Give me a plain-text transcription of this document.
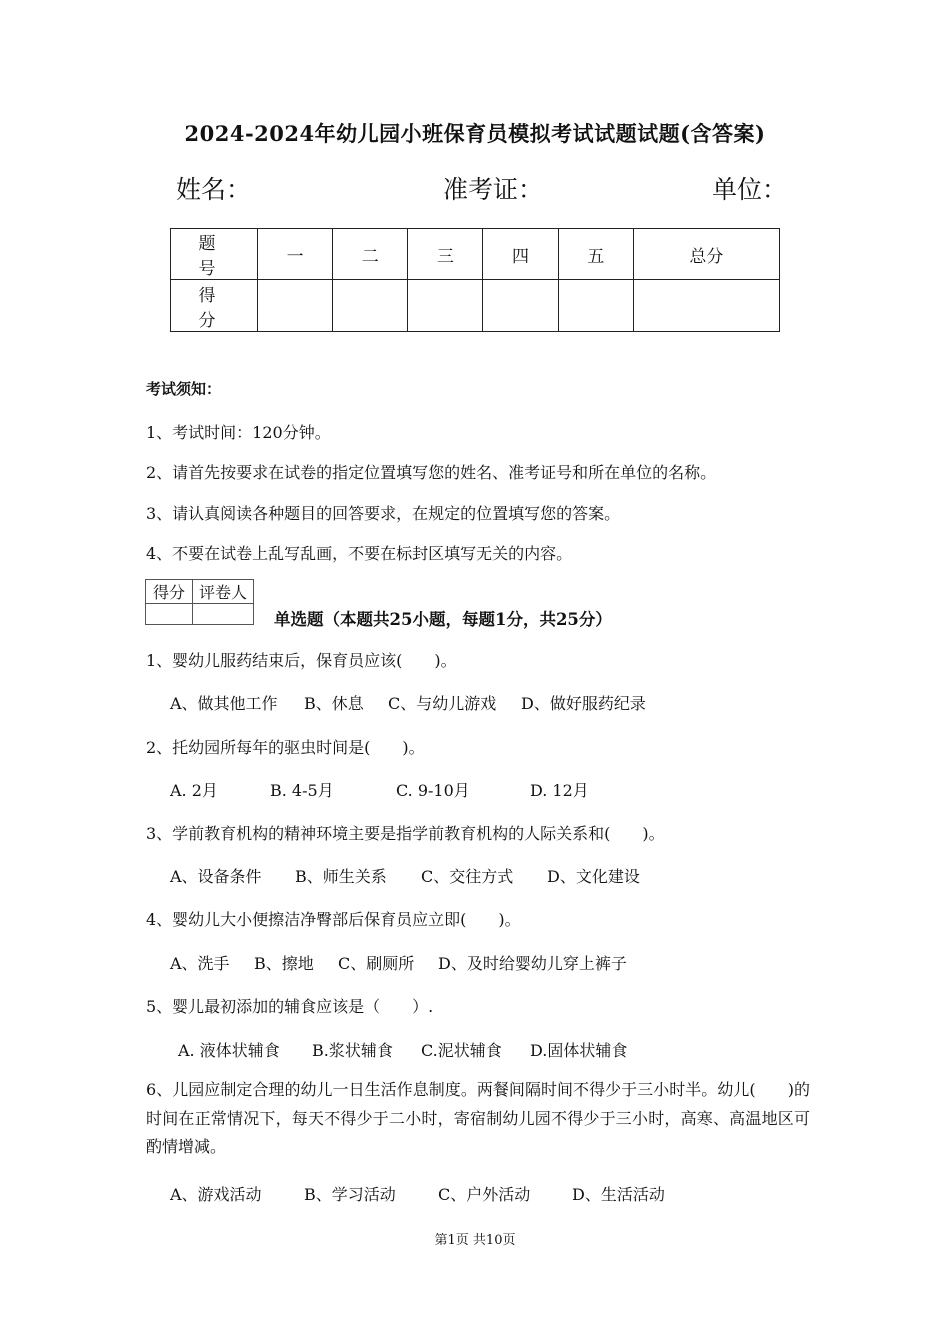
2024-2024年幼儿园小班保育员模拟考试试题试题(含答案)
姓名：	准考证：	单位：
题　号	一	二	三	四	五	总分
得　分						
考试须知：
1、考试时间：120分钟。
2、请首先按要求在试卷的指定位置填写您的姓名、准考证号和所在单位的名称。
3、请认真阅读各种题目的回答要求，在规定的位置填写您的答案。
4、不要在试卷上乱写乱画，不要在标封区填写无关的内容。
得分	评卷人

单选题（本题共25小题，每题1分，共25分）
1、婴幼儿服药结束后，保育员应该(　　)。
A、做其他工作 B、休息 C、与幼儿游戏 D、做好服药纪录
2、托幼园所每年的驱虫时间是(　　)。
A. 2月	B. 4-5月	C. 9-10月	D. 12月
3、学前教育机构的精神环境主要是指学前教育机构的人际关系和(　　)。
A、设备条件 B、师生关系 C、交往方式 D、文化建设
4、婴幼儿大小便擦洁净臀部后保育员应立即(　　)。
A、洗手 B、擦地 C、刷厕所 D、及时给婴幼儿穿上裤子
5、婴儿最初添加的辅食应该是（　　）.
A. 液体状辅食 B.浆状辅食 C.泥状辅食 D.固体状辅食
6、儿园应制定合理的幼儿一日生活作息制度。两餐间隔时间不得少于三小时半。幼儿(　　)的时间在正常情况下，每天不得少于二小时，寄宿制幼儿园不得少于三小时，高寒、高温地区可酌情增减。
A、游戏活动	B、学习活动	C、户外活动	D、生活活动
第1页 共10页
